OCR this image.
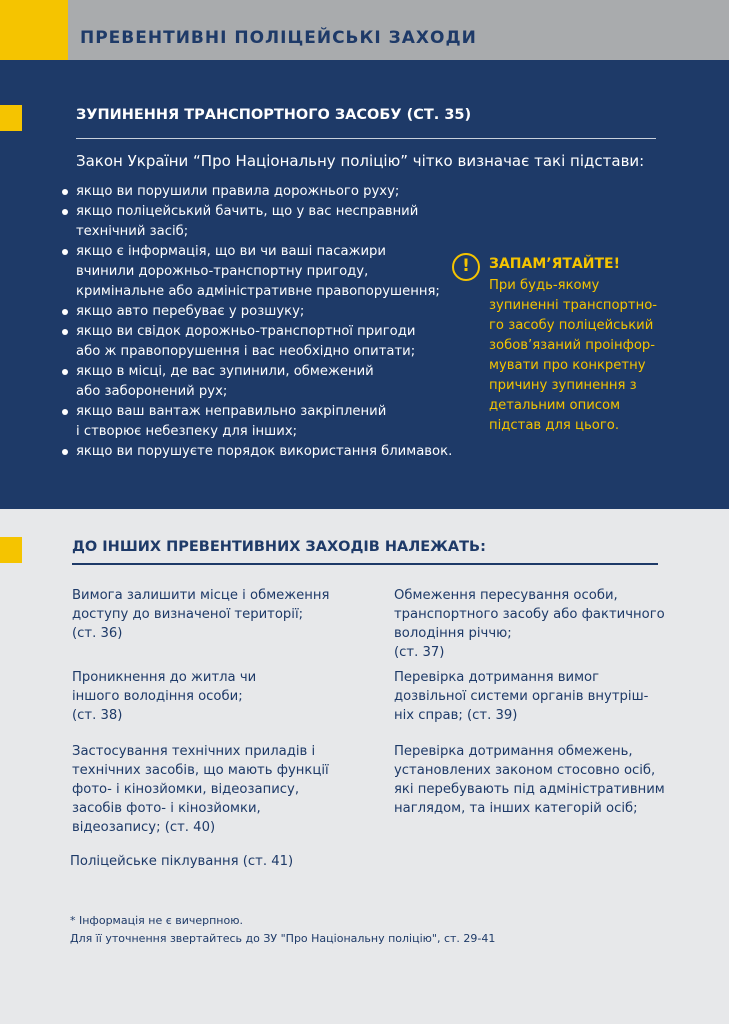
ПРЕВЕНТИВНІ ПОЛІЦЕЙСЬКІ ЗАХОДИ
ЗУПИНЕННЯ ТРАНСПОРТНОГО ЗАСОБУ (СТ. 35)
Закон України “Про Національну поліцію” чітко визначає такі підстави:
якщо ви порушили правила дорожнього руху;
якщо поліцейський бачить, що у вас несправний
технічний засіб;
якщо є інформація, що ви чи ваші пасажири
вчинили дорожньо-транспортну пригоду,
кримінальне або адміністративне правопорушення;
якщо авто перебуває у розшуку;
якщо ви свідок дорожньо-транспортної пригоди
або ж правопорушення і вас необхідно опитати;
якщо в місці, де вас зупинили, обмежений
або заборонений рух;
якщо ваш вантаж неправильно закріплений
і створює небезпеку для інших;
якщо ви порушуєте порядок використання блимавок.
!	ЗАПАМ’ЯТАЙТЕ!
При будь-якому
зупиненні транспортно-
го засобу поліцейський
зобов’язаний проінфор-
мувати про конкретну
причину зупинення з
детальним описом
підстав для цього.
ДО ІНШИХ ПРЕВЕНТИВНИХ ЗАХОДІВ НАЛЕЖАТЬ:
Вимога залишити місце і обмеження
доступу до визначеної території;
(ст. 36)
Проникнення до житла чи
іншого володіння особи;
(ст. 38)
Застосування технічних приладів і
технічних засобів, що мають функції
фото- і кінозйомки, відеозапису,
засобів фото- і кінозйомки,
відеозапису; (ст. 40)
Поліцейське піклування (ст. 41)
Обмеження пересування особи,
транспортного засобу або фактичного
володіння річчю;
(ст. 37)
Перевірка дотримання вимог
дозвільної системи органів внутріш-
ніх справ; (ст. 39)
Перевірка дотримання обмежень,
установлених законом стосовно осіб,
які перебувають під адміністративним
наглядом, та інших категорій осіб;
* Інформація не є вичерпною.
Для її уточнення звертайтесь до ЗУ "Про Національну поліцію", ст. 29-41
